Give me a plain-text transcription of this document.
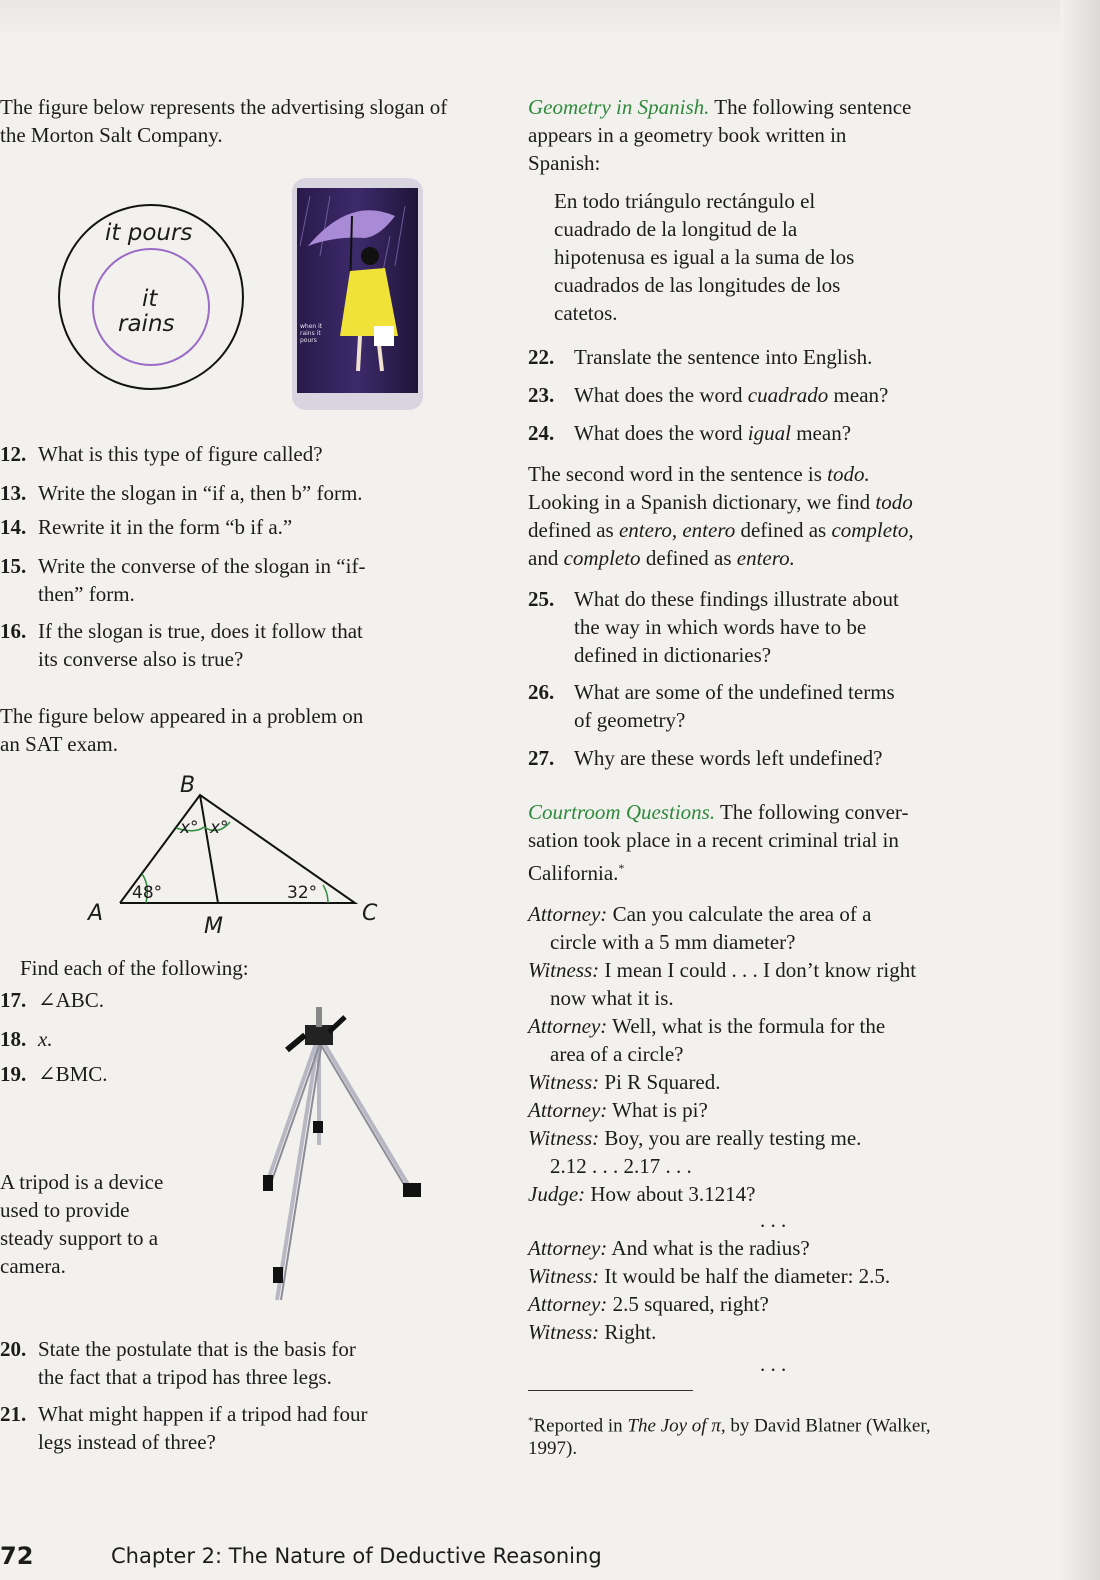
The figure below represents the advertising slogan of the Morton Salt Company.
it pours
it
rains	when it rains it pours
12. What is this type of figure called?
13. Write the slogan in “if a, then b” form.
14. Rewrite it in the form “b if a.”
15. Write the converse of the slogan in “if-
then” form.
16. If the slogan is true, does it follow that
its converse also is true?
The figure below appeared in a problem on
an SAT exam.
B
A	C
M
48°	32°
x° x°
Find each of the following:
17. ∠ABC.
18. x.
19. ∠BMC.
A tripod is a device
used to provide
steady support to a
camera.
20. State the postulate that is the basis for
the fact that a tripod has three legs.
21. What might happen if a tripod had four
legs instead of three?
Geometry in Spanish. The following sentence
appears in a geometry book written in
Spanish:
En todo triángulo rectángulo el
cuadrado de la longitud de la
hipotenusa es igual a la suma de los
cuadrados de las longitudes de los
catetos.
22. Translate the sentence into English.
23. What does the word cuadrado mean?
24. What does the word igual mean?
The second word in the sentence is todo.
Looking in a Spanish dictionary, we find todo
defined as entero, entero defined as completo,
and completo defined as entero.
25. What do these findings illustrate about
the way in which words have to be
defined in dictionaries?
26. What are some of the undefined terms
of geometry?
27. Why are these words left undefined?
Courtroom Questions. The following conver-
sation took place in a recent criminal trial in
California.*
Attorney: Can you calculate the area of a
circle with a 5 mm diameter?
Witness: I mean I could . . . I don’t know right
now what it is.
Attorney: Well, what is the formula for the
area of a circle?
Witness: Pi R Squared.
Attorney: What is pi?
Witness: Boy, you are really testing me.
2.12 . . . 2.17 . . .
Judge: How about 3.1214?
. . .
Attorney: And what is the radius?
Witness: It would be half the diameter: 2.5.
Attorney: 2.5 squared, right?
Witness: Right.
. . .
*Reported in The Joy of π, by David Blatner (Walker,
1997).
72	Chapter 2: The Nature of Deductive Reasoning
